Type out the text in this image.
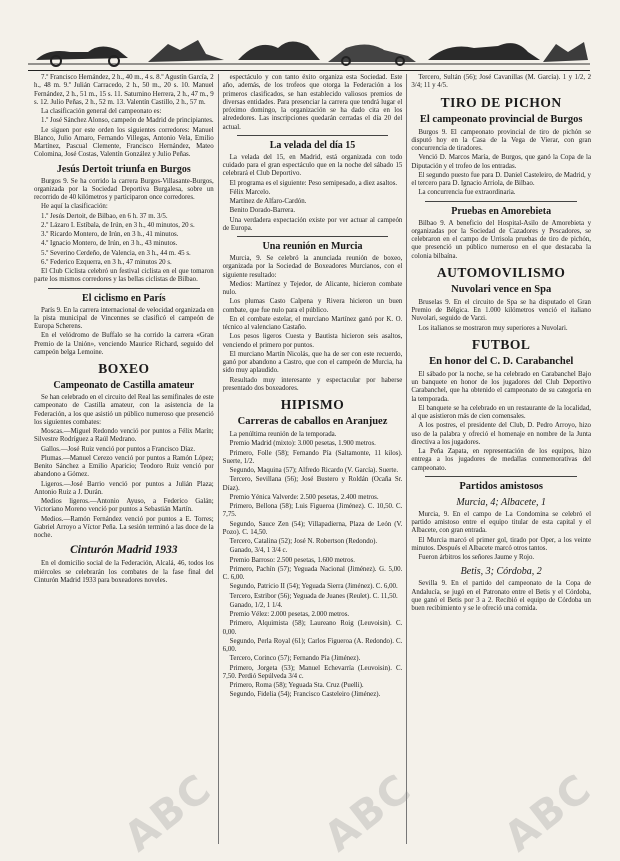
7.º Francisco Hernández, 2 h., 40 m., 4 s. 8.º Agustín García, 2 h., 48 m. 9.º Julián Carracedo, 2 h., 50 m., 20 s. 10. Manuel Fernández, 2 h., 51 m., 15 s. 11. Saturnino Herrera, 2 h., 47 m., 9 s. 12. Julio Peñas, 2 h., 52 m. 13. Valentín Castillo, 2 h., 57 m.

La clasificación general del campeonato es:

1.º José Sánchez Alonso, campeón de Madrid de principiantes.

Le siguen por este orden los siguientes corredores: Manuel Blanco, Julio Amaro, Fernando Villegas, Antonio Vela, Emilio Martínez, Pascual Clemente, Francisco Hernández, Mateo Colomina, José Costas, Valentín González y Julio Peñas.

Jesús Dertoit triunfa en Burgos

Burgos 9. Se ha corrido la carrera Burgos-Villasante-Burgos, organizada por la Sociedad Deportiva Burgalesa, sobre un recorrido de 40 kilómetros y participaron once corredores.

He aquí la clasificación:

1.º Jesús Dertoit, de Bilbao, en 6 h. 37 m. 3/5.

2.º Lázaro I. Estíbala, de Irún, en 3 h., 40 minutos, 20 s.

3.º Ricardo Montero, de Irún, en 3 h., 41 minutos.

4.º Ignacio Montero, de Irún, en 3 h., 43 minutos.

5.º Severino Cerdeño, de Valencia, en 3 h., 44 m. 45 s.

6.º Federico Ezquerra, en 3 h., 47 minutos 20 s.

El Club Ciclista celebró un festival ciclista en el que tomaron parte los mismos corredores y las bellas ciclistas de Bilbao.

El ciclismo en París

París 9. En la carrera internacional de velocidad organizada en la pista municipal de Vincennes se clasificó el campeón de Europa Scherens.

En el velódromo de Buffalo se ha corrido la carrera «Gran Premio de la Unión», venciendo Maurice Richard, seguido del campeón belga Lemoine.

BOXEO
Campeonato de Castilla amateur

Se han celebrado en el circuito del Real las semifinales de este campeonato de Castilla amateur, con la asistencia de la Federación, a los que asistió un público numeroso que presenció los siguientes combates:

Moscas.—Miguel Redondo venció por puntos a Félix Marín; Silvestre Rodríguez a Raúl Medrano.

Gallos.—José Ruiz venció por puntos a Francisco Díaz.

Plumas.—Manuel Cerezo venció por puntos a Ramón López; Benito Sánchez a Emilio Aparicio; Teodoro Ruiz venció por abandono a Gómez.

Ligeros.—José Barrio venció por puntos a Julián Plaza; Antonio Ruiz a J. Durán.

Medios ligeros.—Antonio Ayuso, a Federico Galán; Victoriano Moreno venció por puntos a Sebastián Martín.

Medios.—Ramón Fernández venció por puntos a E. Torres; Gabriel Arroyo a Víctor Peña. La sesión terminó a las doce de la noche.

Cinturón Madrid 1933

En el domicilio social de la Federación, Alcalá, 46, todos los miércoles se celebrarán los combates de la fase final del Cinturón Madrid 1933 para boxeadores noveles.

espectáculo y con tanto éxito organiza esta Sociedad. Este año, además, de los trofeos que otorga la Federación a los primeros clasificados, se han establecido valiosos premios de diversas entidades. Para presenciar la carrera que tendrá lugar el próximo domingo, la organización se ha dado cita en los alrededores. Las inscripciones quedarán cerradas el día 20 del actual.

La velada del día 15

La velada del 15, en Madrid, está organizada con todo cuidado para el gran espectáculo que en la noche del sábado 15 celebrará el Club Deportivo.

El programa es el siguiente: Peso semipesado, a diez asaltos.

Félix Marcelo.

Martínez de Alfaro-Cardón.

Benito Dorado-Barrera.

Una verdadera expectación existe por ver actuar al campeón de Europa.

Una reunión en Murcia

Murcia, 9. Se celebró la anunciada reunión de boxeo, organizada por la Sociedad de Boxeadores Murcianos, con el siguiente resultado:

Medios: Martínez y Tejedor, de Alicante, hicieron combate nulo.

Los plumas Casto Calpena y Rivera hicieron un buen combate, que fue nulo para el público.

En el combate estelar, el murciano Martínez ganó por K. O. técnico al valenciano Castaño.

Los pesos ligeros Cuesta y Bautista hicieron seis asaltos, venciendo el primero por puntos.

El murciano Martín Nicolás, que ha de ser con este recuerdo, ganó por abandono a Castro, que con el campeón de Murcia, ha sido muy aplaudido.

Resultado muy interesante y espectacular por haberse presentado dos boxeadores.

HIPISMO
Carreras de caballos en Aranjuez

La penúltima reunión de la temporada.

Premio Madrid (mixto): 3.000 pesetas, 1.900 metros.

Primero, Folle (58); Fernando Pía (Saltamonte, 11 kilos). Suerte, 1/2.

Segundo, Maquina (57); Alfredo Ricardo (V. García). Suerte.

Tercero, Sevillana (56); José Bustero y Roldán (Ocaña Sr. Díaz).

Premio Yénica Valverde: 2.500 pesetas, 2.400 metros.

Primero, Bellona (58); Luis Figueroa (Jiménez). C. 10,50. C. 7,75.

Segundo, Sauce Zen (54); Villapadierna, Plaza de León (V. Pozo). C. 14,50.

Tercero, Catalina (52); José N. Robertson (Redondo).

Ganado, 3/4, 1 3/4 c.

Premio Barroso: 2.500 pesetas, 1.600 metros.

Primero, Pachín (57); Yeguada Nacional (Jiménez). G. 5,00. C. 6,00.

Segundo, Patricio II (54); Yeguada Sierra (Jiménez). C. 6,00.

Tercero, Estribor (56); Yeguada de Juanes (Reulet). C. 11,50.

Ganado, 1/2, 1 1/4.

Premio Vélez: 2.000 pesetas, 2.000 metros.

Primero, Alquimista (58); Laureano Roig (Leuvoisin). C. 0,00.

Segundo, Perla Royal (61); Carlos Figueroa (A. Redondo). C. 6,00.

Tercero, Corinco (57); Fernando Pía (Jiménez).

Primero, Jorgeta (53); Manuel Echevarría (Leuvoisin). C. 7,50. Perdió Sepúlveda 3/4 c.

Primero, Roma (58); Yeguada Sta. Cruz (Puelli).

Segundo, Fidelia (54); Francisco Casteleiro (Jiménez).

Tercero, Sultán (56); José Cavanillas (M. García). 1 y 1/2, 2 3/4; 11 y 4/5.

TIRO DE PICHON
El campeonato provincial de Burgos

Burgos 9. El campeonato provincial de tiro de pichón se disputó hoy en la Casa de la Vega de Vierar, con gran concurrencia de tiradores.

Venció D. Marcos María, de Burgos, que ganó la Copa de la Diputación y el trofeo de los entradas.

El segundo puesto fue para D. Daniel Casteleiro, de Madrid, y el tercero para D. Ignacio Arriola, de Bilbao.

La concurrencia fue extraordinaria.

Pruebas en Amorebieta

Bilbao 9. A beneficio del Hospital-Asilo de Amorebieta y organizadas por la Sociedad de Cazadores y Pescadores, se celebraron en el campo de Urrisola pruebas de tiro de pichón, que presenció un público numeroso en el que destacaba la colonia bilbaína.

AUTOMOVILISMO
Nuvolari vence en Spa

Bruselas 9. En el circuito de Spa se ha disputado el Gran Premio de Bélgica. En 1.000 kilómetros venció el italiano Nuvolari, seguido de Varzi.

Los italianos se mostraron muy superiores a Nuvolari.

FUTBOL
En honor del C. D. Carabanchel

El sábado por la noche, se ha celebrado en Carabanchel Bajo un banquete en honor de los jugadores del Club Deportivo Carabanchel, que ha obtenido el campeonato de su categoría en la temporada.

El banquete se ha celebrado en un restaurante de la localidad, al que asistieron más de cien comensales.

A los postres, el presidente del Club, D. Pedro Arroyo, hizo uso de la palabra y ofreció el homenaje en nombre de la Junta directiva a los jugadores.

La Peña Zapata, en representación de los equipos, hizo entrega a los jugadores de medallas conmemorativas del campeonato.

Partidos amistosos
Murcia, 4; Albacete, 1

Murcia, 9. En el campo de La Condomina se celebró el partido amistoso entre el equipo titular de esta capital y el Albacete, con gran entrada.

El Murcia marcó el primer gol, tirado por Oper, a los veinte minutos. Después el Albacete marcó otros tantos.

Fueron árbitros los señores Jaume y Rojo.

Betis, 3; Córdoba, 2

Sevilla 9. En el partido del campeonato de la Copa de Andalucía, se jugó en el Patronato entre el Betis y el Córdoba, que ganó el Betis por 3 a 2. Recibió el equipo de Córdoba un buen recibimiento y se le ofreció una comida.

ABC ABC ABC
